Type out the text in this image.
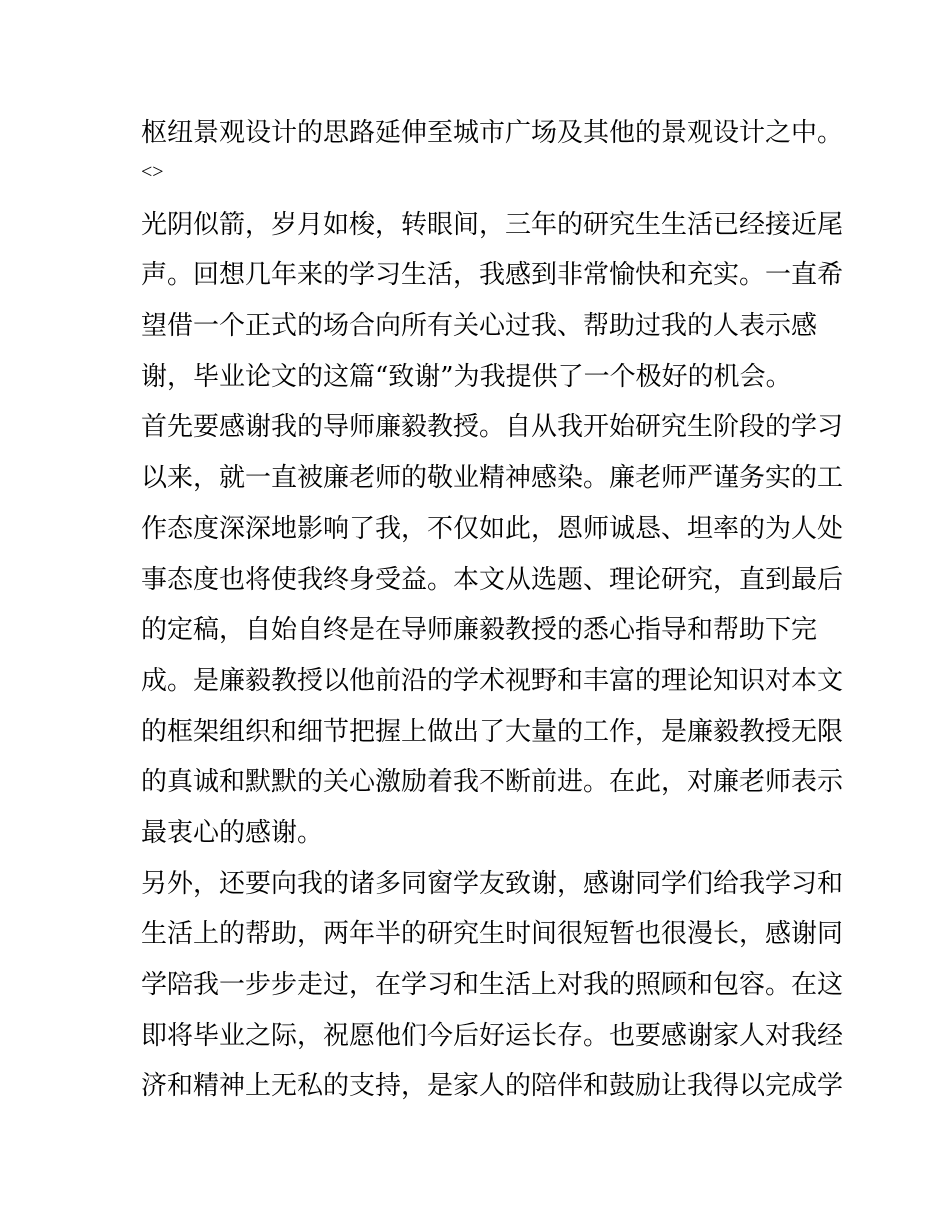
枢纽景观设计的思路延伸至城市广场及其他的景观设计之中。
<>
光阴似箭，岁月如梭，转眼间，三年的研究生生活已经接近尾
声。回想几年来的学习生活，我感到非常愉快和充实。一直希
望借一个正式的场合向所有关心过我、帮助过我的人表示感
谢，毕业论文的这篇“致谢”为我提供了一个极好的机会。
首先要感谢我的导师廉毅教授。自从我开始研究生阶段的学习
以来，就一直被廉老师的敬业精神感染。廉老师严谨务实的工
作态度深深地影响了我，不仅如此，恩师诚恳、坦率的为人处
事态度也将使我终身受益。本文从选题、理论研究，直到最后
的定稿，自始自终是在导师廉毅教授的悉心指导和帮助下完
成。是廉毅教授以他前沿的学术视野和丰富的理论知识对本文
的框架组织和细节把握上做出了大量的工作，是廉毅教授无限
的真诚和默默的关心激励着我不断前进。在此，对廉老师表示
最衷心的感谢。
另外，还要向我的诸多同窗学友致谢，感谢同学们给我学习和
生活上的帮助，两年半的研究生时间很短暂也很漫长，感谢同
学陪我一步步走过，在学习和生活上对我的照顾和包容。在这
即将毕业之际，祝愿他们今后好运长存。也要感谢家人对我经
济和精神上无私的支持，是家人的陪伴和鼓励让我得以完成学
